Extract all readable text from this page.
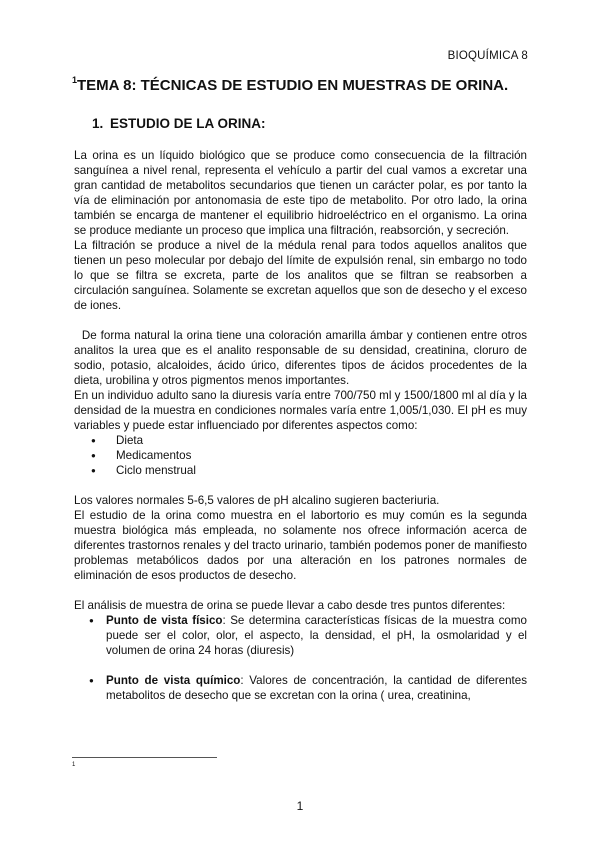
BIOQUÍMICA 8
$^1$TEMA 8: TÉCNICAS DE ESTUDIO EN MUESTRAS DE ORINA.
1. ESTUDIO DE LA ORINA:

La orina es un líquido biológico que se produce como consecuencia de la filtración sanguínea a nivel renal, representa el vehículo a partir del cual vamos a excretar una gran cantidad de metabolitos secundarios que tienen un carácter polar, es por tanto la vía de eliminación por antonomasia de este tipo de metabolito. Por otro lado, la orina también se encarga de mantener el equilibrio hidroeléctrico en el organismo. La orina se produce mediante un proceso que implica una filtración, reabsorción, y secreción.

La filtración se produce a nivel de la médula renal para todos aquellos analitos que tienen un peso molecular por debajo del límite de expulsión renal, sin embargo no todo lo que se filtra se excreta, parte de los analitos que se filtran se reabsorben a circulación sanguínea. Solamente se excretan aquellos que son de desecho y el exceso de iones.

De forma natural la orina tiene una coloración amarilla ámbar y contienen entre otros analitos la urea que es el analito responsable de su densidad, creatinina, cloruro de sodio, potasio, alcaloides, ácido úrico, diferentes tipos de ácidos procedentes de la dieta, urobilina y otros pigmentos menos importantes.

En un individuo adulto sano la diuresis varía entre 700/750 ml y 1500/1800 ml al día y la densidad de la muestra en condiciones normales varía entre 1,005/1,030. El pH es muy variables y puede estar influenciado por diferentes aspectos como:

● Dieta
● Medicamentos
● Ciclo menstrual

Los valores normales 5-6,5 valores de pH alcalino sugieren bacteriuria.

El estudio de la orina como muestra en el labortorio es muy común es la segunda muestra biológica más empleada, no solamente nos ofrece información acerca de diferentes trastornos renales y del tracto urinario, también podemos poner de manifiesto problemas metabólicos dados por una alteración en los patrones normales de eliminación de esos productos de desecho.

El análisis de muestra de orina se puede llevar a cabo desde tres puntos diferentes:

● Punto de vista físico: Se determina características físicas de la muestra como puede ser el color, olor, el aspecto, la densidad, el pH, la osmolaridad y el volumen de orina 24 horas (diuresis)
● Punto de vista químico: Valores de concentración, la cantidad de diferentes metabolitos de desecho que se excretan con la orina ( urea, creatinina,
1
1
